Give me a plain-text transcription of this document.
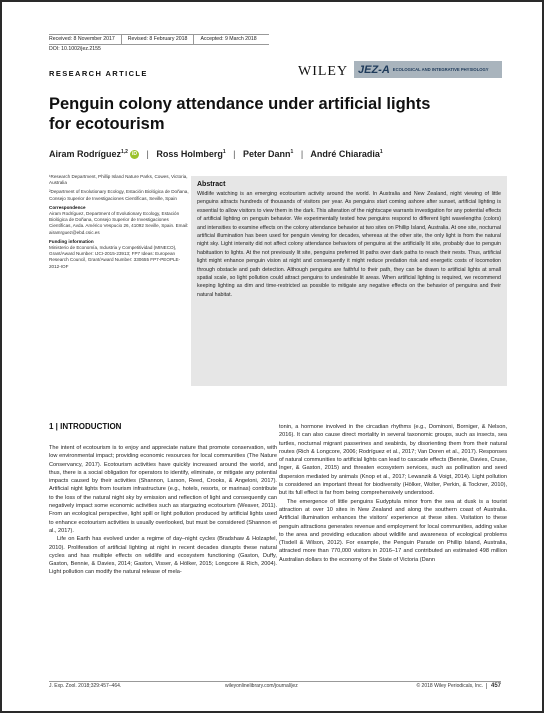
Received: 8 November 2017	Revised: 8 February 2018	Accepted: 9 March 2018
DOI: 10.1002/jez.2155
RESEARCH ARTICLE	WILEY JEZ-A ECOLOGICAL AND INTEGRATIVE PHYSIOLOGY
Penguin colony attendance under artificial lights for ecotourism
Airam Rodríguez$^{1,2}$ iD | Ross Holmberg$^1$ | Peter Dann$^1$ | André Chiaradia$^1$

¹Research Department, Phillip Island Nature Parks, Cowes, Victoria, Australia

²Department of Evolutionary Ecology, Estación Biológica de Doñana, Consejo Superior de Investigaciones Científicas, Seville, Spain

Correspondence

Airam Rodríguez, Department of Evolutionary Ecology, Estación Biológica de Doñana, Consejo Superior de Investigaciones Científicas, Avda. Américo Vespucio 26, 41092 Seville, Spain. Email: airamrguez@ebd.csic.es

Funding information

Ministerio de Economía, Industria y Competitividad (MINECO), Grant/Award Number: IJCI-2015-23913; FP7 Ideas: European Research Council, Grant/Award Number: 330655 FP7-PEOPLE-2012-IOF

Abstract
Wildlife watching is an emerging ecotourism activity around the world. In Australia and New Zealand, night viewing of little penguins attracts hundreds of thousands of visitors per year. As penguins start coming ashore after sunset, artificial lighting is essential to allow visitors to view them in the dark. This alteration of the nightscape warrants investigation for any potential effects of artificial lighting on penguin behavior. We experimentally tested how penguins respond to different light wavelengths (colors) and intensities to examine effects on the colony attendance behavior at two sites on Phillip Island, Australia. At one site, nocturnal artificial illumination has been used for penguin viewing for decades, whereas at the other site, the only light is from the natural night sky. Light intensity did not affect colony attendance behaviors of penguins at the artificially lit site, probably due to penguin habituation to lights. At the not previously lit site, penguins preferred lit paths over dark paths to reach their nests. Thus, artificial light might enhance penguin vision at night and consequently it might reduce predation risk and energetic costs of locomotion through obstacle and path detection. Although penguins are faithful to their path, they can be drawn to artificial lights at small spatial scale, so light pollution could attract penguins to undesirable lit areas. When artificial lighting is required, we recommend keeping lighting as dim and time-restricted as possible to mitigate any negative effects on the behavior of penguins and their natural habitat.
1 | INTRODUCTION

The intent of ecotourism is to enjoy and appreciate nature that promote conservation, with low environmental impact; providing economic resources for local communities (The Nature Conservancy, 2017). Ecotourism activities have quickly increased around the world, and thus, there is a social obligation for operators to identify, eliminate, or mitigate any potential impacts caused by their activities (Shannon, Larson, Reed, Crooks, & Angeloni, 2017). Artificial night lights from tourism infrastructure (e.g., hotels, resorts, or marinas) contribute to the loss of the natural night sky by emission and reflection of light and consequently can negatively impact some economic activities such as stargazing ecotourism (Weaver, 2011). From an ecological perspective, light spill or light pollution produced by artificial lights used to enhance ecotourism activities is usually overlooked, but must be considered (Shannon et al., 2017).

Life on Earth has evolved under a regime of day–night cycles (Bradshaw & Holzapfel, 2010). Proliferation of artificial lighting at night in recent decades disrupts these natural cycles and has multiple effects on wildlife and ecosystem functioning (Gaston, Duffy, Gaston, Bennie, & Davies, 2014; Gaston, Visser, & Hölker, 2015; Longcore & Rich, 2004). Light pollution can modify the natural release of mela-

tonin, a hormone involved in the circadian rhythms (e.g., Dominoni, Borniger, & Nelson, 2016). It can also cause direct mortality in several taxonomic groups, such as insects, sea turtles, nocturnal migrant passerines and seabirds, by disorienting them from their natural routes (Rich & Longcore, 2006; Rodríguez et al., 2017; Van Doren et al., 2017). Responses of natural communities to artificial lights can lead to cascade effects (Bennie, Davies, Cruse, Inger, & Gaston, 2015) and threaten ecosystem services, such as pollination and seed dispersion mediated by animals (Knop et al., 2017; Lewanzik & Voigt, 2014). Light pollution is considered an important threat for biodiversity (Hölker, Wolter, Perkin, & Tockner, 2010), but its full effect is far from being comprehensively understood.

The emergence of little penguins Eudyptula minor from the sea at dusk is a tourist attraction at over 10 sites in New Zealand and along the southern coast of Australia. Artificial illumination enhances the visitors' experience at these sites. Visitation to these penguin attractions generates revenue and employment for local communities, adding value to the area and providing education about wildlife and awareness of ecological problems (Tisdell & Wilson, 2012). For example, the Penguin Parade on Phillip Island, Australia, attracted more than 770,000 visitors in 2016–17 and contributed an estimated 498 million Australian dollars to the economy of the State of Victoria (Dann

J. Exp. Zool. 2018;329:457–464.	wileyonlinelibrary.com/journal/jez	© 2018 Wiley Periodicals, Inc. 457
